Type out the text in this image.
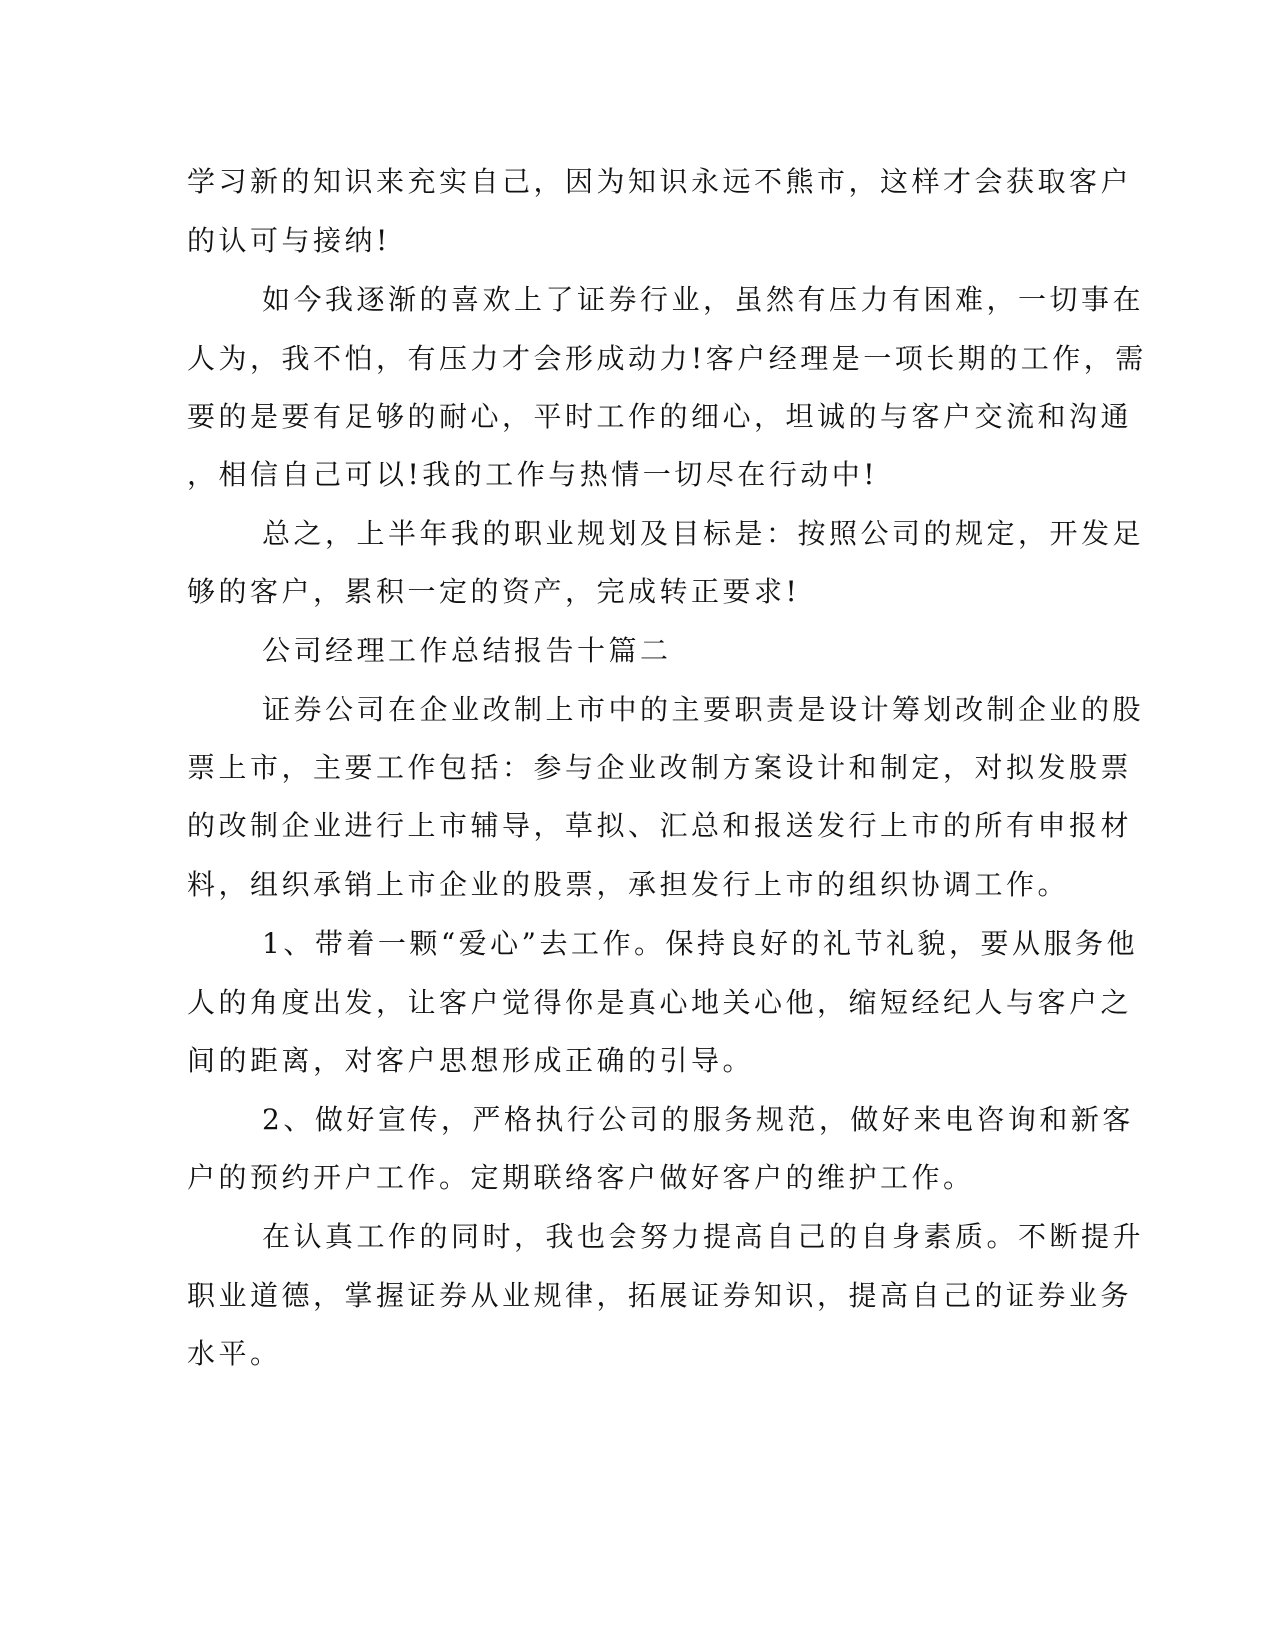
学习新的知识来充实自己，因为知识永远不熊市，这样才会获取客户
的认可与接纳!
如今我逐渐的喜欢上了证券行业，虽然有压力有困难，一切事在
人为，我不怕，有压力才会形成动力!客户经理是一项长期的工作，需
要的是要有足够的耐心，平时工作的细心，坦诚的与客户交流和沟通
，相信自己可以!我的工作与热情一切尽在行动中!
总之，上半年我的职业规划及目标是：按照公司的规定，开发足
够的客户，累积一定的资产，完成转正要求!
公司经理工作总结报告十篇二
证券公司在企业改制上市中的主要职责是设计筹划改制企业的股
票上市，主要工作包括：参与企业改制方案设计和制定，对拟发股票
的改制企业进行上市辅导，草拟、汇总和报送发行上市的所有申报材
料，组织承销上市企业的股票，承担发行上市的组织协调工作。
1、带着一颗“爱心”去工作。保持良好的礼节礼貌，要从服务他
人的角度出发，让客户觉得你是真心地关心他，缩短经纪人与客户之
间的距离，对客户思想形成正确的引导。
2、做好宣传，严格执行公司的服务规范，做好来电咨询和新客
户的预约开户工作。定期联络客户做好客户的维护工作。
在认真工作的同时，我也会努力提高自己的自身素质。不断提升
职业道德，掌握证券从业规律，拓展证券知识，提高自己的证券业务
水平。
